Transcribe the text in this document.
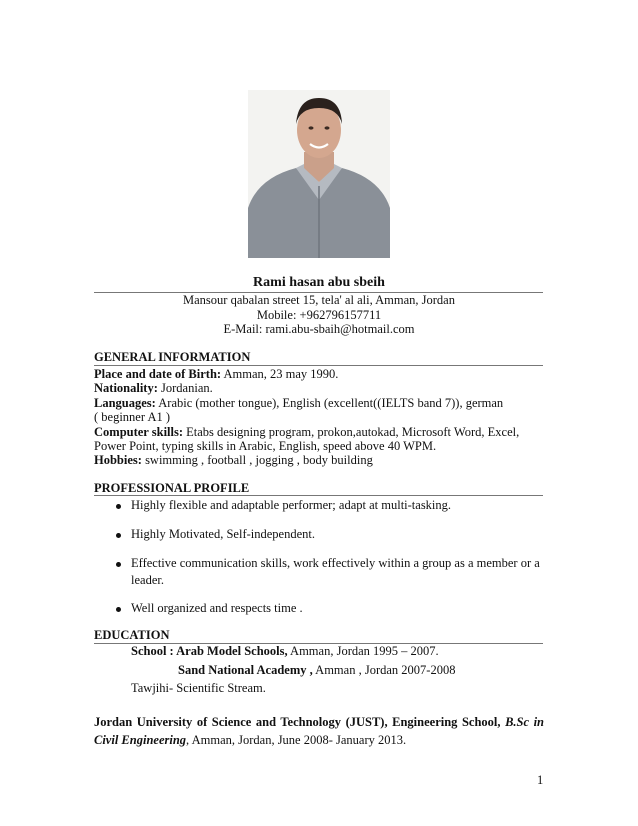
Rami hasan abu sbeih
Mansour qabalan street 15, tela' al ali, Amman, Jordan
Mobile: +962796157711
E-Mail: rami.abu-sbaih@hotmail.com
GENERAL INFORMATION
Place and date of Birth: Amman, 23 may 1990.
Nationality: Jordanian.
Languages: Arabic (mother tongue), English (excellent((IELTS band 7)), german
( beginner A1 )
Computer skills: Etabs designing program, prokon,autokad, Microsoft Word, Excel,
Power Point, typing skills in Arabic, English, speed above 40 WPM.
Hobbies: swimming , football , jogging , body building
PROFESSIONAL PROFILE
Highly flexible and adaptable performer; adapt at multi-tasking.
Highly Motivated, Self-independent.
Effective communication skills, work effectively within a group as a member or a leader.
Well organized and respects time .
EDUCATION
School : Arab Model Schools, Amman, Jordan 1995 – 2007.
Sand National Academy , Amman , Jordan 2007-2008
Tawjihi- Scientific Stream.
Jordan University of Science and Technology (JUST), Engineering School, B.Sc in Civil Engineering, Amman, Jordan, June 2008- January 2013.
1
